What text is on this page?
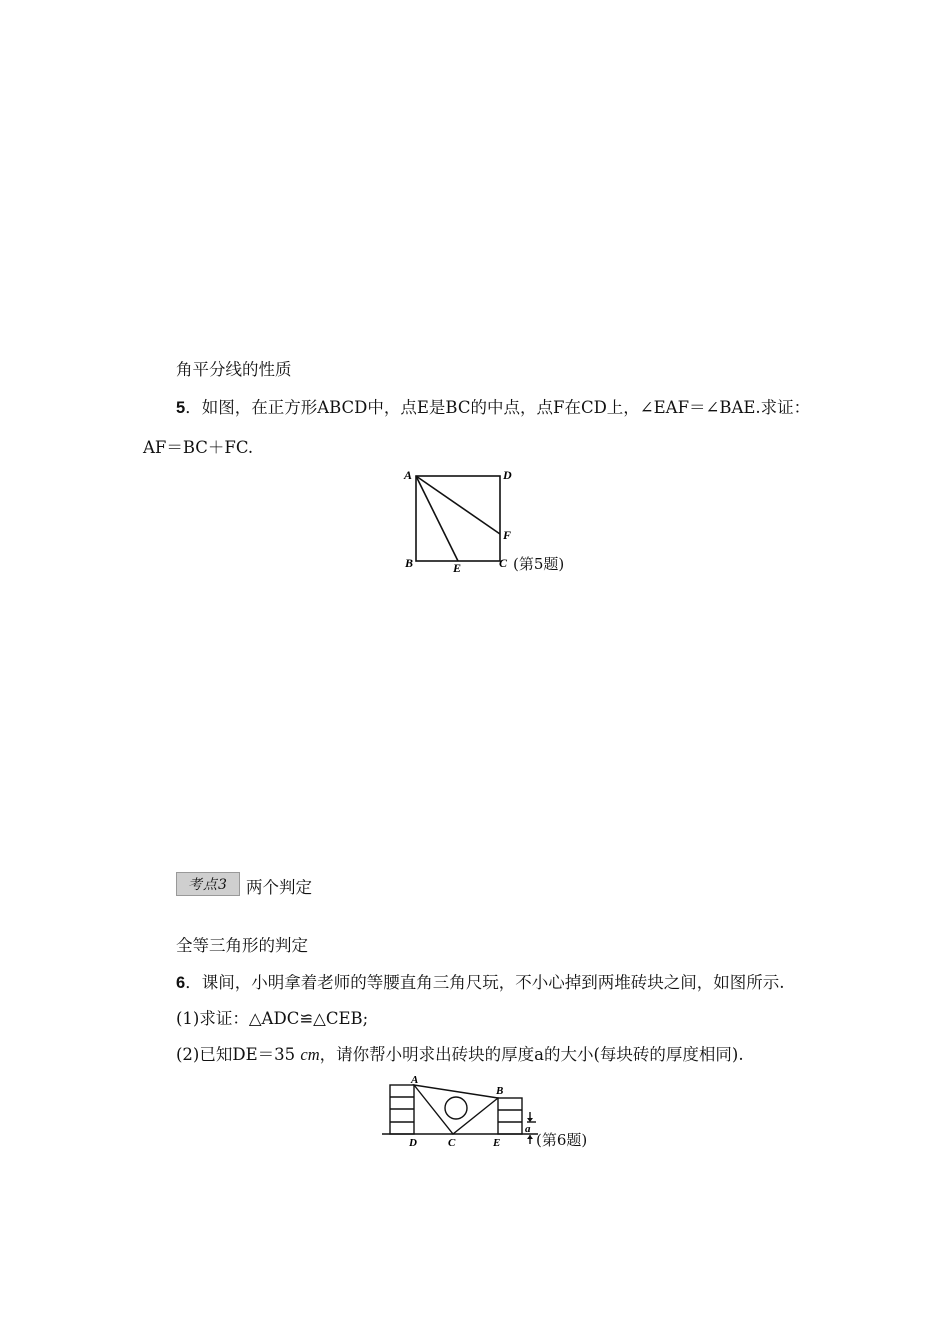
角平分线的性质
5．如图，在正方形ABCD中，点E是BC的中点，点F在CD上，∠EAF＝∠BAE.求证：
AF＝BC＋FC.
A	D
F
B	E	C (第5题)
考点3	两个判定
全等三角形的判定
6．课间，小明拿着老师的等腰直角三角尺玩，不小心掉到两堆砖块之间，如图所示.
(1)求证：△ADC≌△CEB;
(2)已知DE＝35 cm，请你帮小明求出砖块的厚度a的大小(每块砖的厚度相同).
A
B
D	C	E
a
(第6题)
